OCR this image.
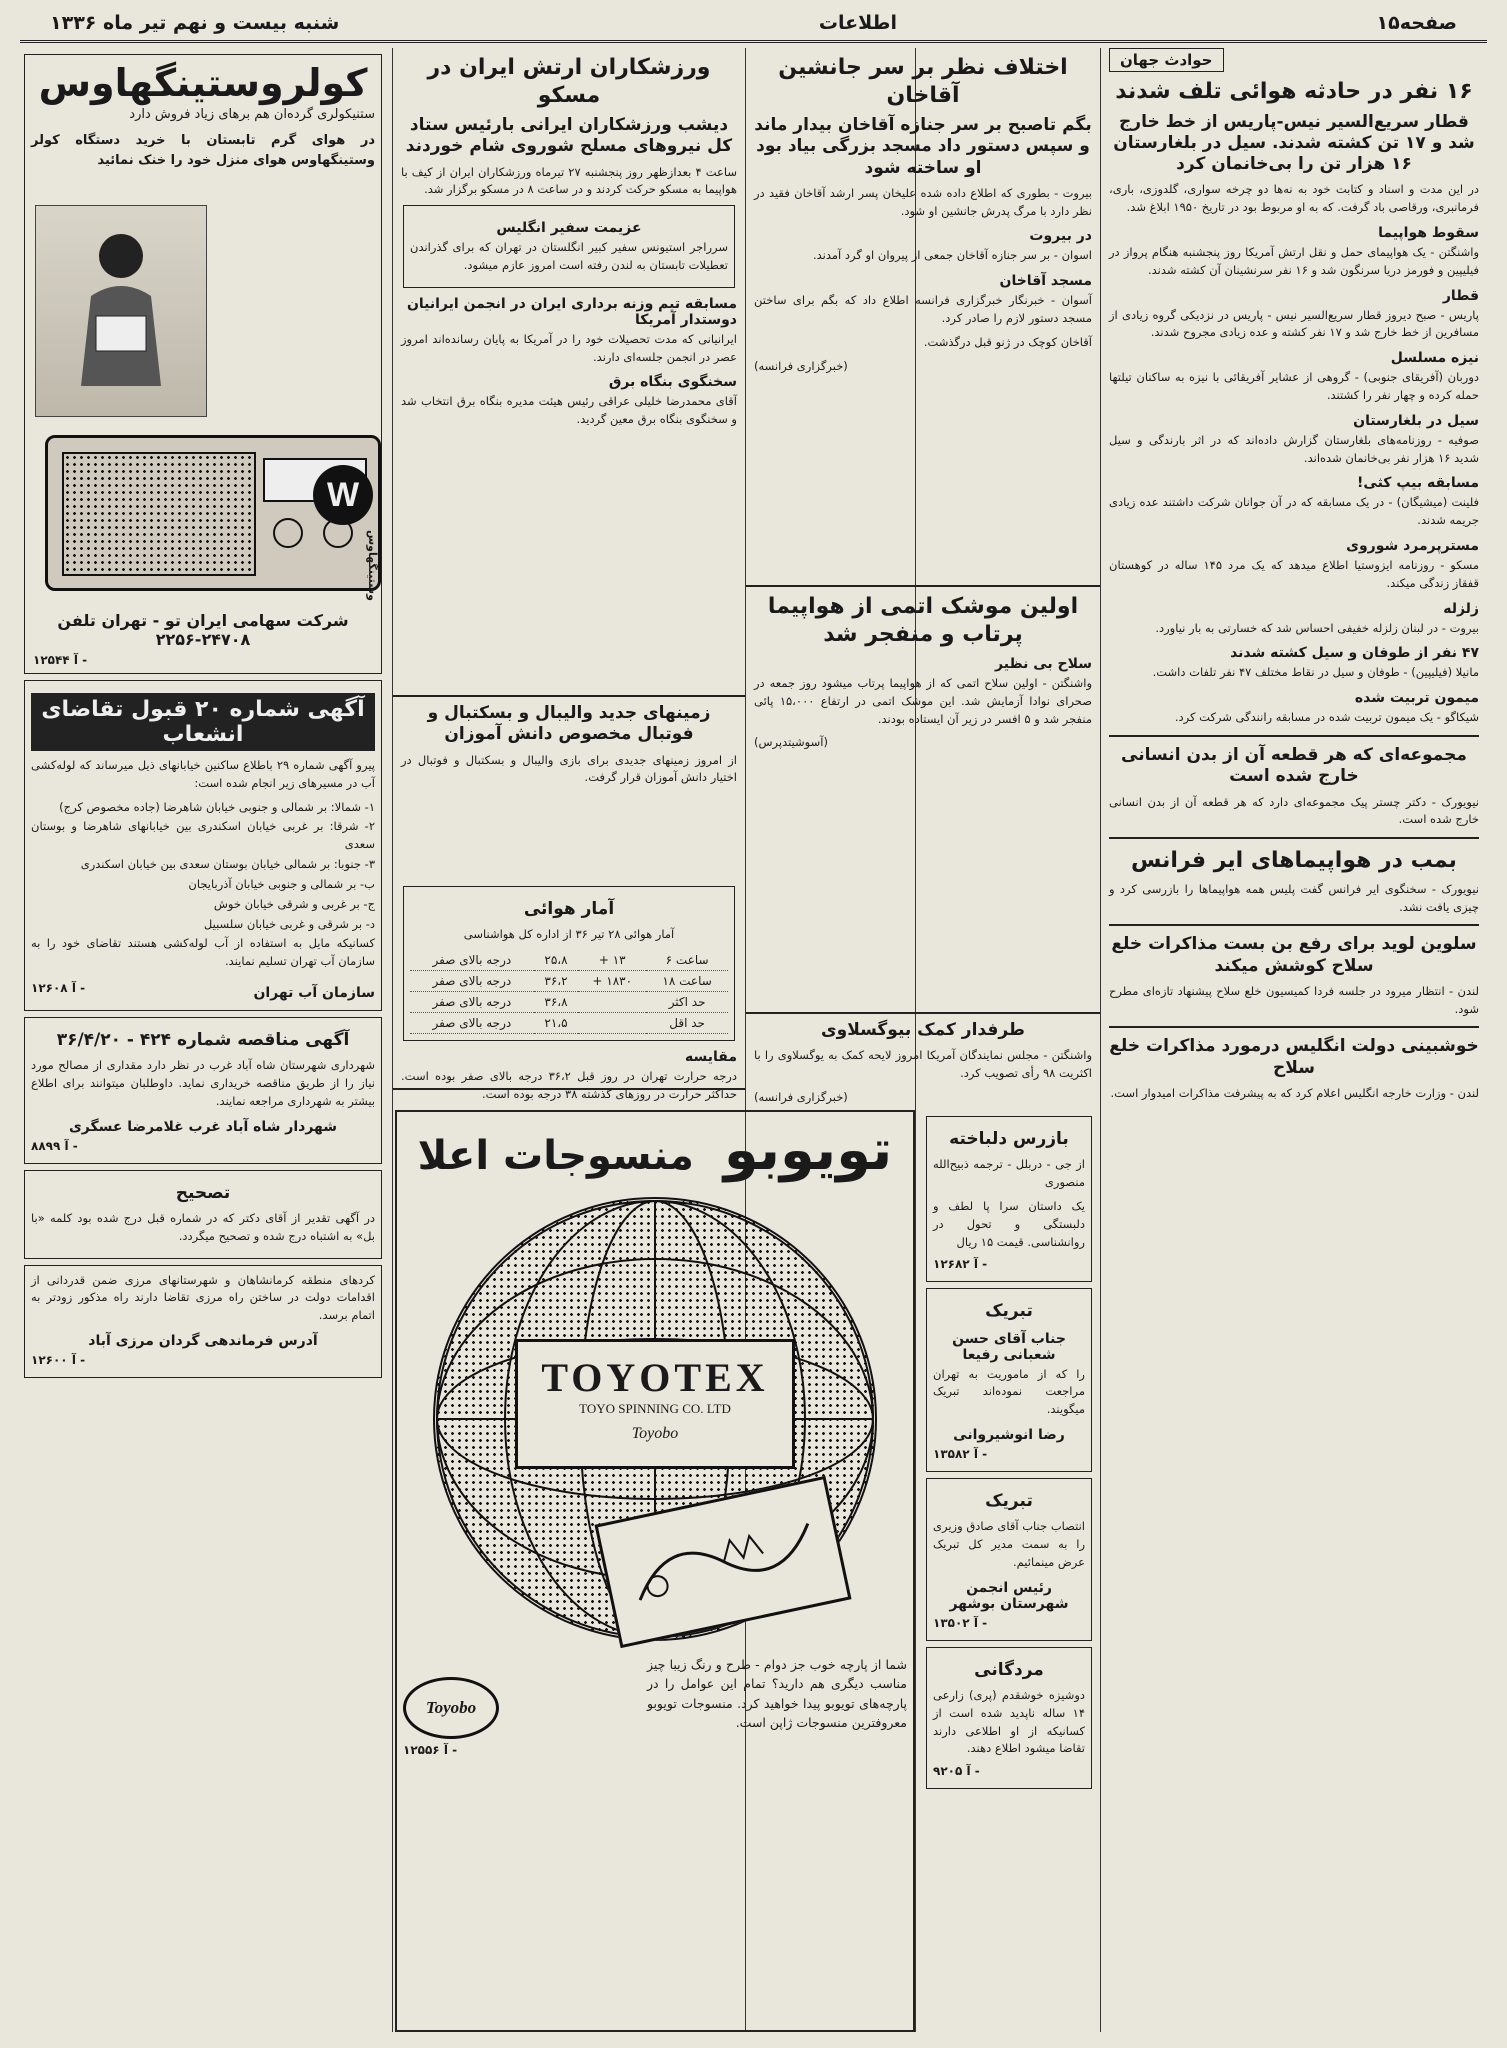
صفحه۱۵
اطلاعات
شنبه بیست و نهم تیر ماه ۱۳۳۶
حوادث جهان
۱۶ نفر در حادثه هوائی تلف شدند
قطار سریع‌السیر نیس-پاریس از خط خارج شد و ۱۷ تن کشته شدند. سیل در بلغارستان ۱۶ هزار تن را بی‌خانمان کرد

در این مدت و اسناد و کتابت خود به نه‌ها دو چرخه سواری، گلدوزی، باری، فرمانبری، ورقاصی باد گرفت. که به او مربوط بود در تاریخ ۱۹۵۰ ابلاغ شد.

سقوط هواپیما

واشنگتن - یک هواپیمای حمل و نقل ارتش آمریکا روز پنجشنبه هنگام پرواز در فیلیپین و فورمز دریا سرنگون شد و ۱۶ نفر سرنشینان آن کشته شدند.

قطار

پاریس - صبح دیروز قطار سریع‌السیر نیس - پاریس در نزدیکی گروه زیادی از مسافرین از خط خارج شد و ۱۷ نفر کشته و عده زیادی مجروح شدند.

نیزه مسلسل

دوربان (آفریقای جنوبی) - گروهی از عشایر آفریقائی با نیزه به ساکنان تیلتها حمله کرده و چهار نفر را کشتند.

سیل در بلغارستان

صوفیه - روزنامه‌های بلغارستان گزارش داده‌اند که در اثر بارندگی و سیل شدید ۱۶ هزار نفر بی‌خانمان شده‌اند.

مسابقه بیپ کثی!

فلینت (میشیگان) - در یک مسابقه که در آن جوانان شرکت داشتند عده زیادی جریمه شدند.

مسترپرمرد شوروی

مسکو - روزنامه ایزوستیا اطلاع میدهد که یک مرد ۱۴۵ ساله در کوهستان قفقاز زندگی میکند.

زلزله

بیروت - در لبنان زلزله خفیفی احساس شد که خسارتی به بار نیاورد.

۴۷ نفر از طوفان و سیل کشته شدند

مانیلا (فیلیپین) - طوفان و سیل در نقاط مختلف ۴۷ نفر تلفات داشت.

میمون تربیت شده

شیکاگو - یک میمون تربیت شده در مسابقه رانندگی شرکت کرد.

مجموعه‌ای که هر قطعه آن از بدن انسانی خارج شده است

نیویورک - دکتر چستر پیک مجموعه‌ای دارد که هر قطعه آن از بدن انسانی خارج شده است.

بمب در هواپیماهای ایر فرانس

نیویورک - سخنگوی ایر فرانس گفت پلیس همه هواپیماها را بازرسی کرد و چیزی یافت نشد.

سلوین لوید برای رفع بن بست مذاکرات خلع سلاح کوشش میکند

لندن - انتظار میرود در جلسه فردا کمیسیون خلع سلاح پیشنهاد تازه‌ای مطرح شود.

خوشبینی دولت انگلیس درمورد مذاکرات خلع سلاح

لندن - وزارت خارجه انگلیس اعلام کرد که به پیشرفت مذاکرات امیدوار است.

اختلاف نظر بر سر جانشین آقاخان
بگم تاصبح بر سر جنازه آقاخان بیدار ماند و سپس دستور داد مسجد بزرگی بیاد بود او ساخته شود

بیروت - بطوری که اطلاع داده شده علیخان پسر ارشد آقاخان فقید در نظر دارد با مرگ پدرش جانشین او شود.

در بیروت

اسوان - بر سر جنازه آقاخان جمعی از پیروان او گرد آمدند.

مسجد آقاخان

آسوان - خبرنگار خبرگزاری فرانسه اطلاع داد که بگم برای ساختن مسجد دستور لازم را صادر کرد.

آقاخان کوچک در ژنو قبل درگذشت.

(خبرگزاری فرانسه)

اولین موشک اتمی از هواپیما پرتاب و منفجر شد
سلاح بی نظیر

واشنگتن - اولین سلاح اتمی که از هواپیما پرتاب میشود روز جمعه در صحرای نوادا آزمایش شد. این موشک اتمی در ارتفاع ۱۵،۰۰۰ پائی منفجر شد و ۵ افسر در زیر آن ایستاده بودند.

(آسوشیتدپرس)

طرفدار کمک بیوگسلاوی

واشنگتن - مجلس نمایندگان آمریکا امروز لایحه کمک به یوگسلاوی را با اکثریت ۹۸ رأی تصویب کرد.

(خبرگزاری فرانسه)

بازرس دلباخته

از جی - دربلل - ترجمه ذبیح‌الله منصوری

یک داستان سرا پا لطف و دلبستگی و تحول در روانشناسی. قیمت ۱۵ ریال

۱۲۶۸۲ آ -
تبریک
جناب آقای حسن شعبانی رفیعا

را که از ماموریت به تهران مراجعت نموده‌اند تبریک میگویند.

رضا انوشیروانی
۱۳۵۸۲ آ -
تبریک

انتصاب جناب آقای صادق وزیری را به سمت مدیر کل تبریک عرض مینمائیم.

رئیس انجمن شهرستان بوشهر
۱۳۵۰۲ آ -
مردگانی

دوشیزه خوشقدم (پری) زارعی ۱۴ ساله ناپدید شده است از کسانیکه از او اطلاعی دارند تقاضا میشود اطلاع دهند.

۹۲۰۵ آ -
ورزشکاران ارتش ایران در مسکو
دیشب ورزشکاران ایرانی بارئیس ستاد کل نیروهای مسلح شوروی شام خوردند

ساعت ۴ بعدازظهر روز پنجشنبه ۲۷ تیرماه ورزشکاران ایران از کیف با هواپیما به مسکو حرکت کردند و در ساعت ۸ در مسکو برگزار شد.

عزیمت سفیر انگلیس

سرراجر استیونس سفیر کبیر انگلستان در تهران که برای گذراندن تعطیلات تابستان به لندن رفته است امروز عازم میشود.

مسابقه تیم وزنه برداری ایران در انجمن ایرانیان دوستدار آمریکا

ایرانیانی که مدت تحصیلات خود را در آمریکا به پایان رسانده‌اند امروز عصر در انجمن جلسه‌ای دارند.

سخنگوی بنگاه برق

آقای محمدرضا خلیلی عراقی رئیس هیئت مدیره بنگاه برق انتخاب شد و سخنگوی بنگاه برق معین گردید.

زمینهای جدید والیبال و بسکتبال و فوتبال مخصوص دانش آموزان

از امروز زمینهای جدیدی برای بازی والیبال و بسکتبال و فوتبال در اختیار دانش آموزان قرار گرفت.

آمار هوائی
آمار هوائی ۲۸ تیر ۳۶ از اداره کل هواشناسی
ساعت ۶	۱۳ +	۲۵،۸	درجه بالای صفر
ساعت ۱۸	۱۸۳۰ +	۳۶،۲	درجه بالای صفر
حد اکثر		۳۶،۸	درجه بالای صفر
حد اقل		۲۱،۵	درجه بالای صفر
مقایسه

درجه حرارت تهران در روز قبل ۳۶،۲ درجه بالای صفر بوده است. حداکثر حرارت در روزهای گذشته ۳۸ درجه بوده است.

تویوبو
منسوجات اعلا
TOYOTEX
TOYO SPINNING CO. LTD
Toyobo

شما از پارچه خوب جز دوام - طرح و رنگ زیبا چیز مناسب دیگری هم دارید؟ تمام این عوامل را در پارچه‌های تویوبو پیدا خواهید کرد. منسوجات تویوبو معروفترین منسوجات ژاپن است.

Toyobo
۱۲۵۵۶ آ -
کولروستینگهاوس

ستنیکولری گرده‌ان هم برهای زیاد فروش دارد

در هوای گرم تابستان با خرید دستگاه کولر وستینگهاوس هوای منزل خود را خنک نمائید

W
وستینگهاوس
شرکت سهامی ایران تو - تهران تلفن ۲۴۷۰۸-۲۲۵۶
۱۲۵۴۴ آ -
آگهی شماره ۲۰ قبول تقاضای انشعاب

پیرو آگهی شماره ۲۹ باطلاع ساکنین خیابانهای ذیل میرساند که لوله‌کشی آب در مسیرهای زیر انجام شده است:

۱- شمالا: بر شمالی و جنوبی خیابان شاهرضا (جاده مخصوص کرج)

۲- شرقا: بر غربی خیابان اسکندری بین خیابانهای شاهرضا و بوستان سعدی

۳- جنوبا: بر شمالی خیابان بوستان سعدی بین خیابان اسکندری

ب- بر شمالی و جنوبی خیابان آذربایجان

ج- بر غربی و شرقی خیابان خوش

د- بر شرقی و غربی خیابان سلسبیل

کسانیکه مایل به استفاده از آب لوله‌کشی هستند تقاضای خود را به سازمان آب تهران تسلیم نمایند.

سازمان آب تهران
۱۲۶۰۸ آ -
آگهی مناقصه شماره ۴۲۴ - ۳۶/۴/۲۰

شهرداری شهرستان شاه آباد غرب در نظر دارد مقداری از مصالح مورد نیاز را از طریق مناقصه خریداری نماید. داوطلبان میتوانند برای اطلاع بیشتر به شهرداری مراجعه نمایند.

شهردار شاه آباد غرب غلامرضا عسگری
۸۸۹۹ آ -
تصحیح

در آگهی تقدیر از آقای دکتر که در شماره قبل درج شده بود کلمه «با بل» به اشتباه درج شده و تصحیح میگردد.

کردهای منطقه کرمانشاهان و شهرستانهای مرزی ضمن قدردانی از اقدامات دولت در ساختن راه مرزی تقاضا دارند راه مذکور زودتر به اتمام برسد.

آدرس فرماندهی گردان مرزی آباد
۱۲۶۰۰ آ -
